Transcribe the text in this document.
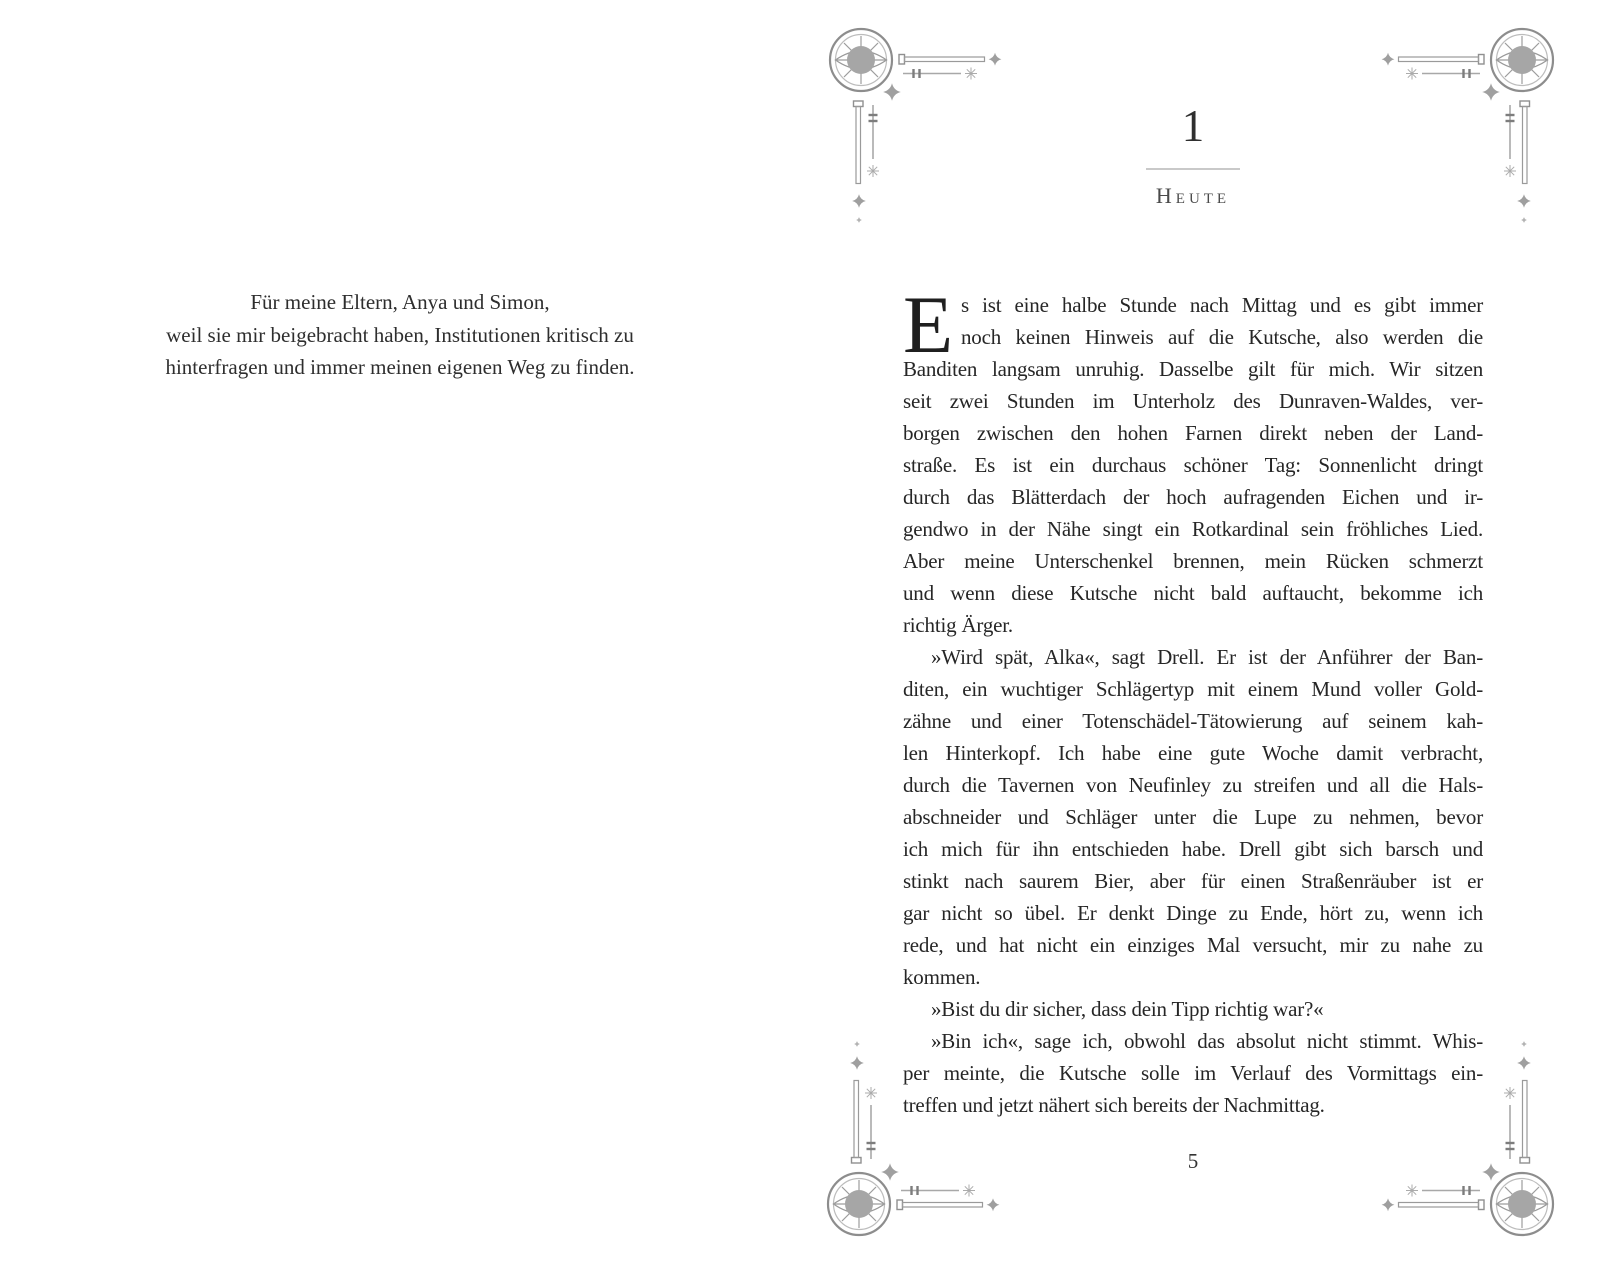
Für meine Eltern, Anya und Simon,
weil sie mir beigebracht haben, Institutionen kritisch zu
hinterfragen und immer meinen eigenen Weg zu finden.
1
Heute
E s ist eine halbe Stunde nach Mittag und es gibt immer
noch keinen Hinweis auf die Kutsche, also werden die
Banditen langsam unruhig. Dasselbe gilt für mich. Wir sitzen
seit zwei Stunden im Unterholz des Dunraven-Waldes, ver-
borgen zwischen den hohen Farnen direkt neben der Land-
straße. Es ist ein durchaus schöner Tag: Sonnenlicht dringt
durch das Blätterdach der hoch aufragenden Eichen und ir-
gendwo in der Nähe singt ein Rotkardinal sein fröhliches Lied.
Aber meine Unterschenkel brennen, mein Rücken schmerzt
und wenn diese Kutsche nicht bald auftaucht, bekomme ich
richtig Ärger.
»Wird spät, Alka«, sagt Drell. Er ist der Anführer der Ban-
diten, ein wuchtiger Schlägertyp mit einem Mund voller Gold-
zähne und einer Totenschädel-Tätowierung auf seinem kah-
len Hinterkopf. Ich habe eine gute Woche damit verbracht,
durch die Tavernen von Neufinley zu streifen und all die Hals-
abschneider und Schläger unter die Lupe zu nehmen, bevor
ich mich für ihn entschieden habe. Drell gibt sich barsch und
stinkt nach saurem Bier, aber für einen Straßenräuber ist er
gar nicht so übel. Er denkt Dinge zu Ende, hört zu, wenn ich
rede, und hat nicht ein einziges Mal versucht, mir zu nahe zu
kommen.
»Bist du dir sicher, dass dein Tipp richtig war?«
»Bin ich«, sage ich, obwohl das absolut nicht stimmt. Whis-
per meinte, die Kutsche solle im Verlauf des Vormittags ein-
treffen und jetzt nähert sich bereits der Nachmittag.
5
